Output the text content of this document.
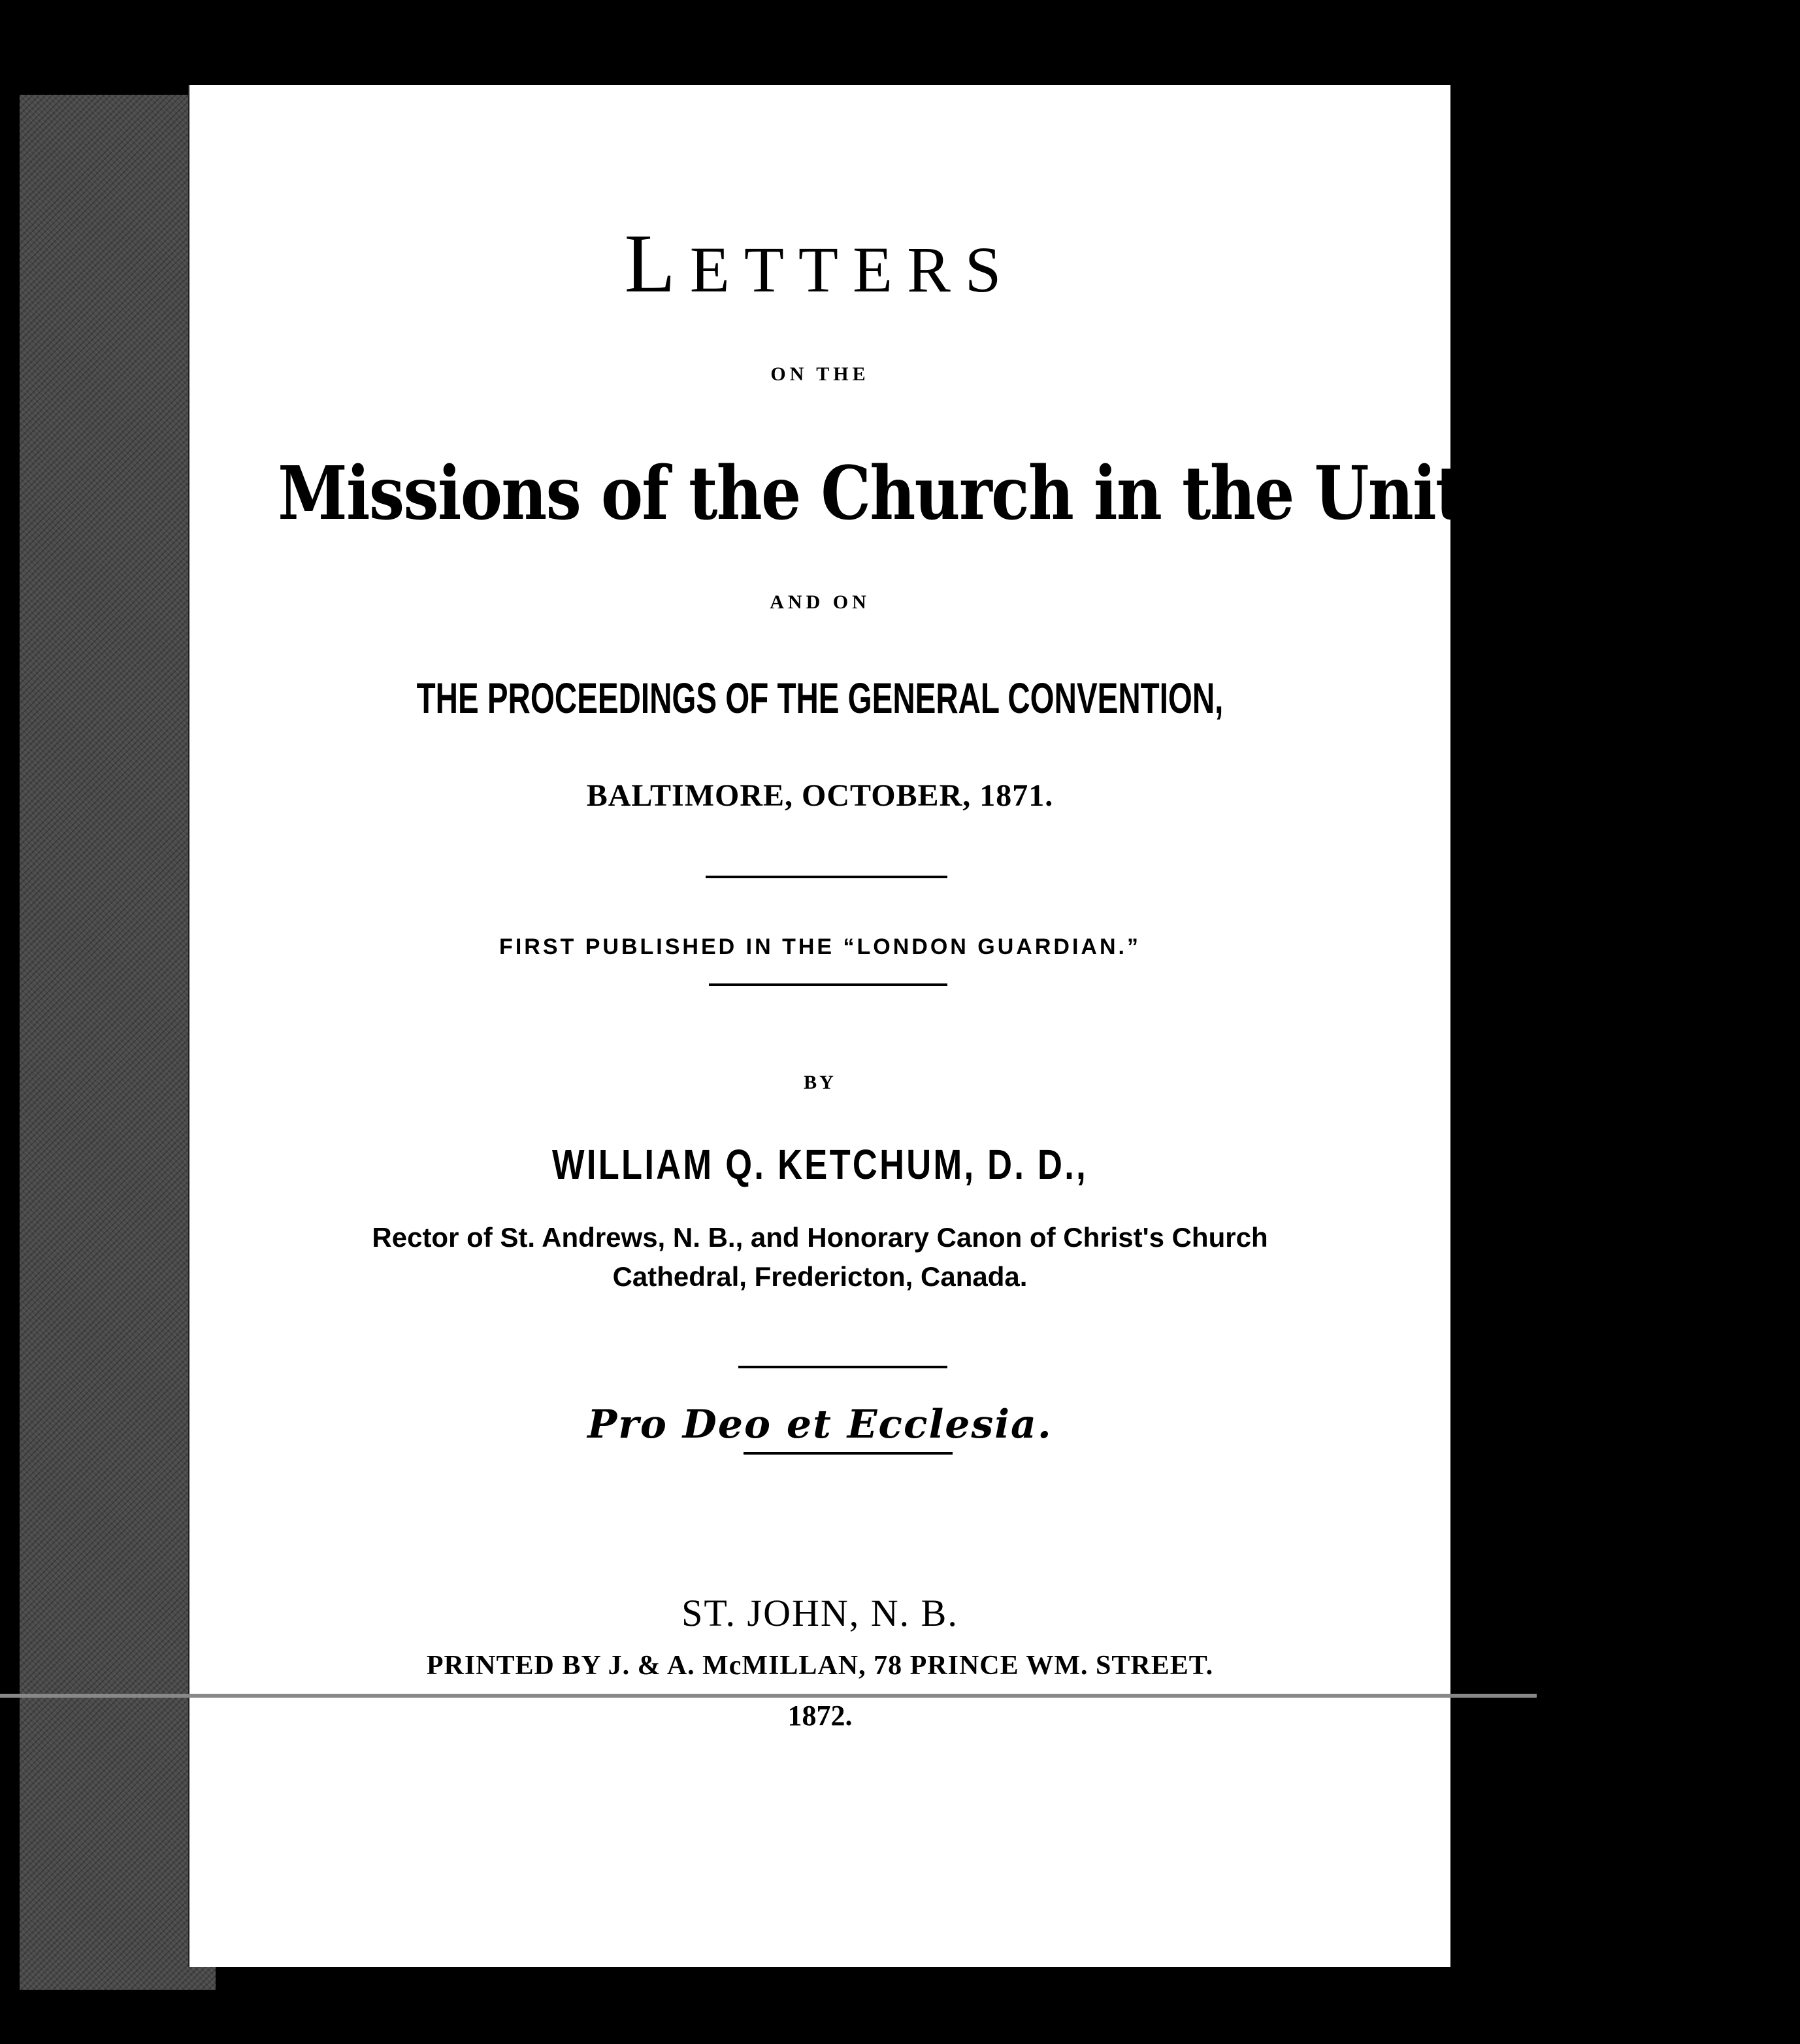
LETTERS
ON THE
Missions of the Church in the United States,
AND ON
THE PROCEEDINGS OF THE GENERAL CONVENTION,
BALTIMORE, OCTOBER, 1871.
FIRST PUBLISHED IN THE “LONDON GUARDIAN.”
BY
WILLIAM Q. KETCHUM, D. D.,
Rector of St. Andrews, N. B., and Honorary Canon of Christ's Church
Cathedral, Fredericton, Canada.
Pro Deo et Ecclesia.
ST. JOHN, N. B.
PRINTED BY J. & A. McMILLAN, 78 PRINCE WM. STREET.
1872.
